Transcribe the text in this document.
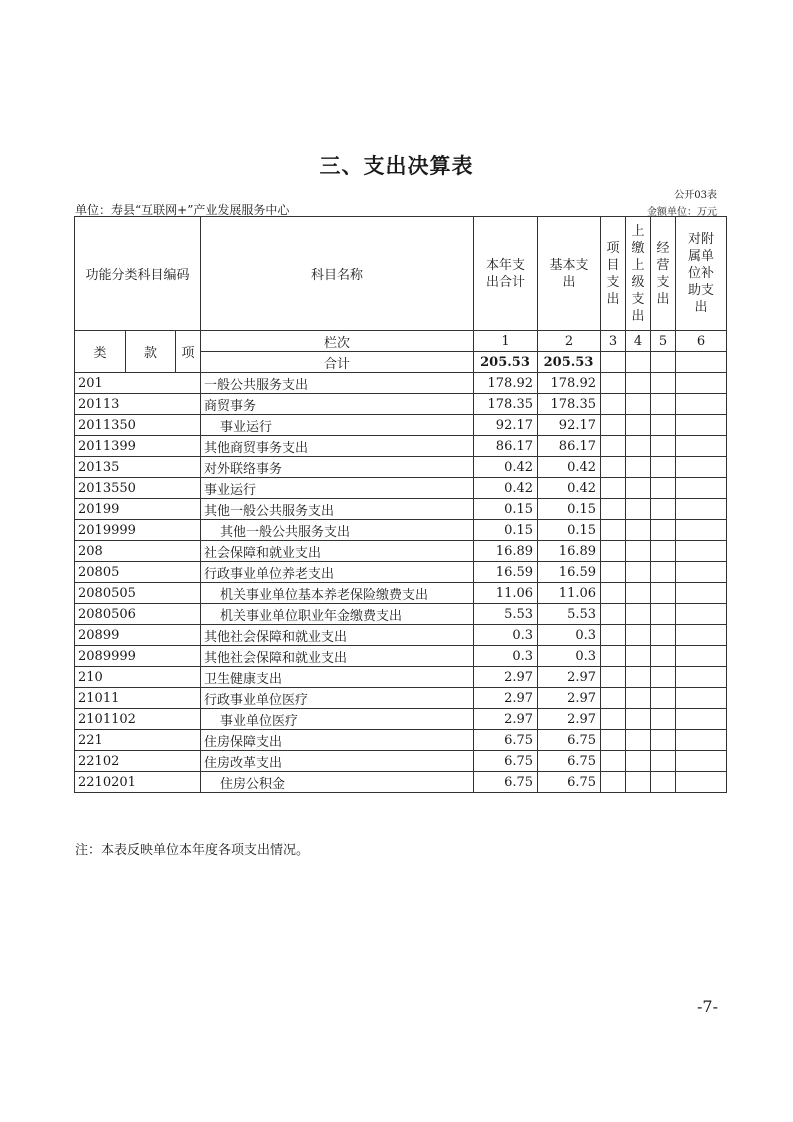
三、支出决算表
公开03表
单位：寿县“互联网+”产业发展服务中心	金额单位：万元
功能分类科目编码			科目名称	本年支出合计	基本支出	项目支出	上缴上级支出	经营支出	对附属单位补助支出
类	款	项	栏次	1	2	3	4	5	6
			合计	205.53	205.53				
201			一般公共服务支出	178.92	178.92				
20113			商贸事务	178.35	178.35				
2011350			事业运行	92.17	92.17				
2011399			其他商贸事务支出	86.17	86.17				
20135			对外联络事务	0.42	0.42				
2013550			事业运行	0.42	0.42				
20199			其他一般公共服务支出	0.15	0.15				
2019999			其他一般公共服务支出	0.15	0.15				
208			社会保障和就业支出	16.89	16.89				
20805			行政事业单位养老支出	16.59	16.59				
2080505			机关事业单位基本养老保险缴费支出	11.06	11.06				
2080506			机关事业单位职业年金缴费支出	5.53	5.53				
20899			其他社会保障和就业支出	0.3	0.3				
2089999			其他社会保障和就业支出	0.3	0.3				
210			卫生健康支出	2.97	2.97				
21011			行政事业单位医疗	2.97	2.97				
2101102			事业单位医疗	2.97	2.97				
221			住房保障支出	6.75	6.75				
22102			住房改革支出	6.75	6.75				
2210201			住房公积金	6.75	6.75				
注：本表反映单位本年度各项支出情况。
-7-
